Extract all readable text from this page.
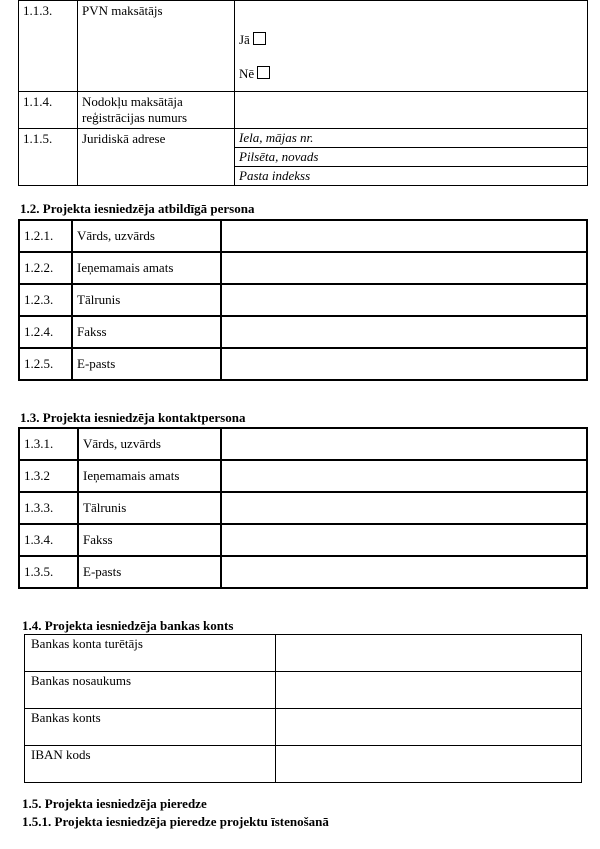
1.1.3.	PVN maksātājs	Jā
Nē

1.1.4.	Nodokļu maksātāja reģistrācijas numurs	
1.1.5.	Juridiskā adrese	Iela, mājas nr.
		Pilsēta, novads
		Pasta indekss
1.2. Projekta iesniedzēja atbildīgā persona
1.2.1.	Vārds, uzvārds	
1.2.2.	Ieņemamais amats	
1.2.3.	Tālrunis	
1.2.4.	Fakss	
1.2.5.	E-pasts	
1.3. Projekta iesniedzēja kontaktpersona
1.3.1.	Vārds, uzvārds	
1.3.2	Ieņemamais amats	
1.3.3.	Tālrunis	
1.3.4.	Fakss	
1.3.5.	E-pasts	
1.4. Projekta iesniedzēja bankas konts
Bankas konta turētājs	
Bankas nosaukums	
Bankas konts	
IBAN kods	
1.5. Projekta iesniedzēja pieredze
1.5.1. Projekta iesniedzēja pieredze projektu īstenošanā
